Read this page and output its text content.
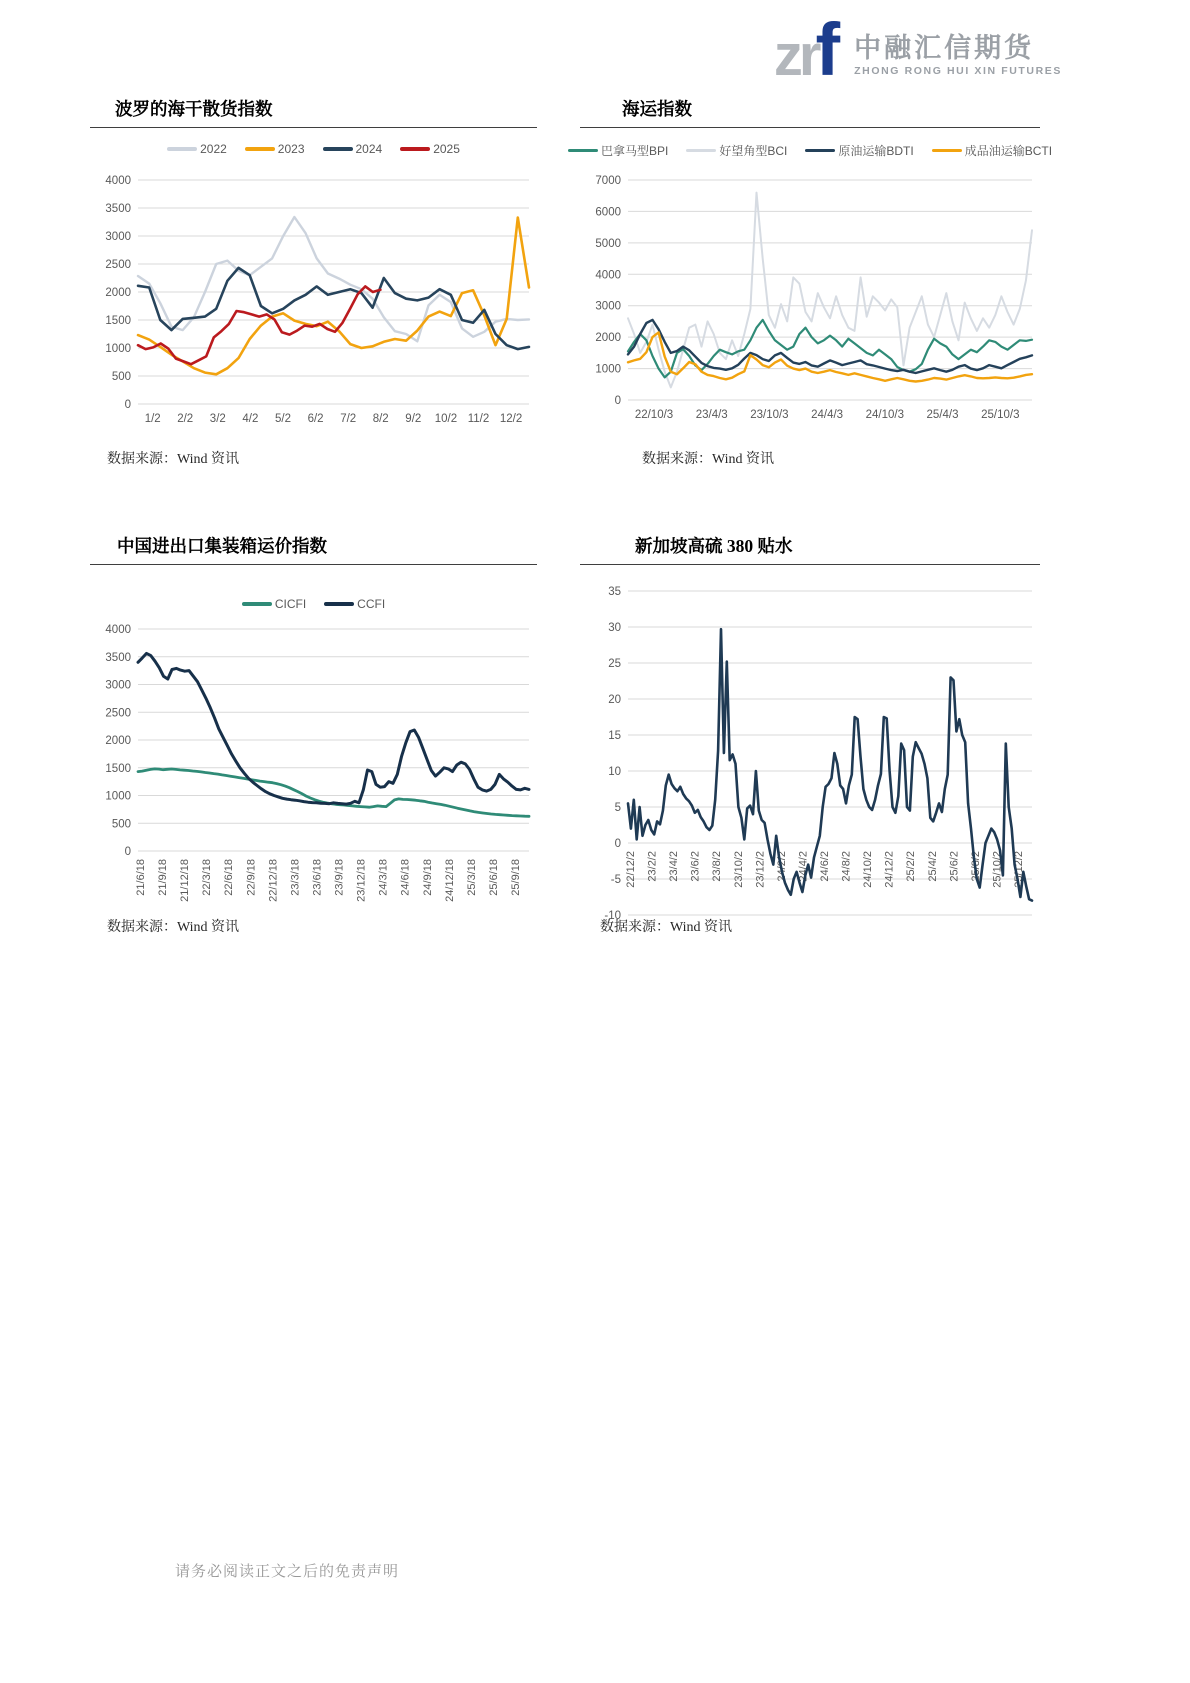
zrf 中融汇信期货
ZHONG RONG HUI XIN FUTURES
波罗的海干散货指数
2022	2023	2024	2025
0
500
1000
1500
2000
2500
3000
3500
4000
1/2 2/2 3/2 4/2 5/2 6/2 7/2 8/2 9/2 10/2 11/2 12/2

数据来源：Wind 资讯

海运指数
巴拿马型BPI	好望角型BCI	原油运输BDTI	成品油运输BCTI
0
1000
2000
3000
4000
5000
6000
7000
22/10/3 23/4/3 23/10/3 24/4/3 24/10/3 25/4/3 25/10/3

数据来源：Wind 资讯

中国进出口集装箱运价指数
CICFI	CCFI
0
500
1000
1500
2000
2500
3000
3500
4000
21/6/18 21/9/18 21/12/18 22/3/18 22/6/18 22/9/18 22/12/18 23/3/18 23/6/18 23/9/18 23/12/18 24/3/18 24/6/18 24/9/18 24/12/18 25/3/18 25/6/18 25/9/18

数据来源：Wind 资讯

新加坡高硫 380 贴水
-10
-5
0
5
10
15
20
25
30
35
22/12/2 23/2/2 23/4/2 23/6/2 23/8/2 23/10/2 23/12/2 24/2/2 24/4/2 24/6/2 24/8/2 24/10/2 24/12/2 25/2/2 25/4/2 25/6/2 25/8/2 25/10/2 25/12/2

数据来源：Wind 资讯

请务必阅读正文之后的免责声明
